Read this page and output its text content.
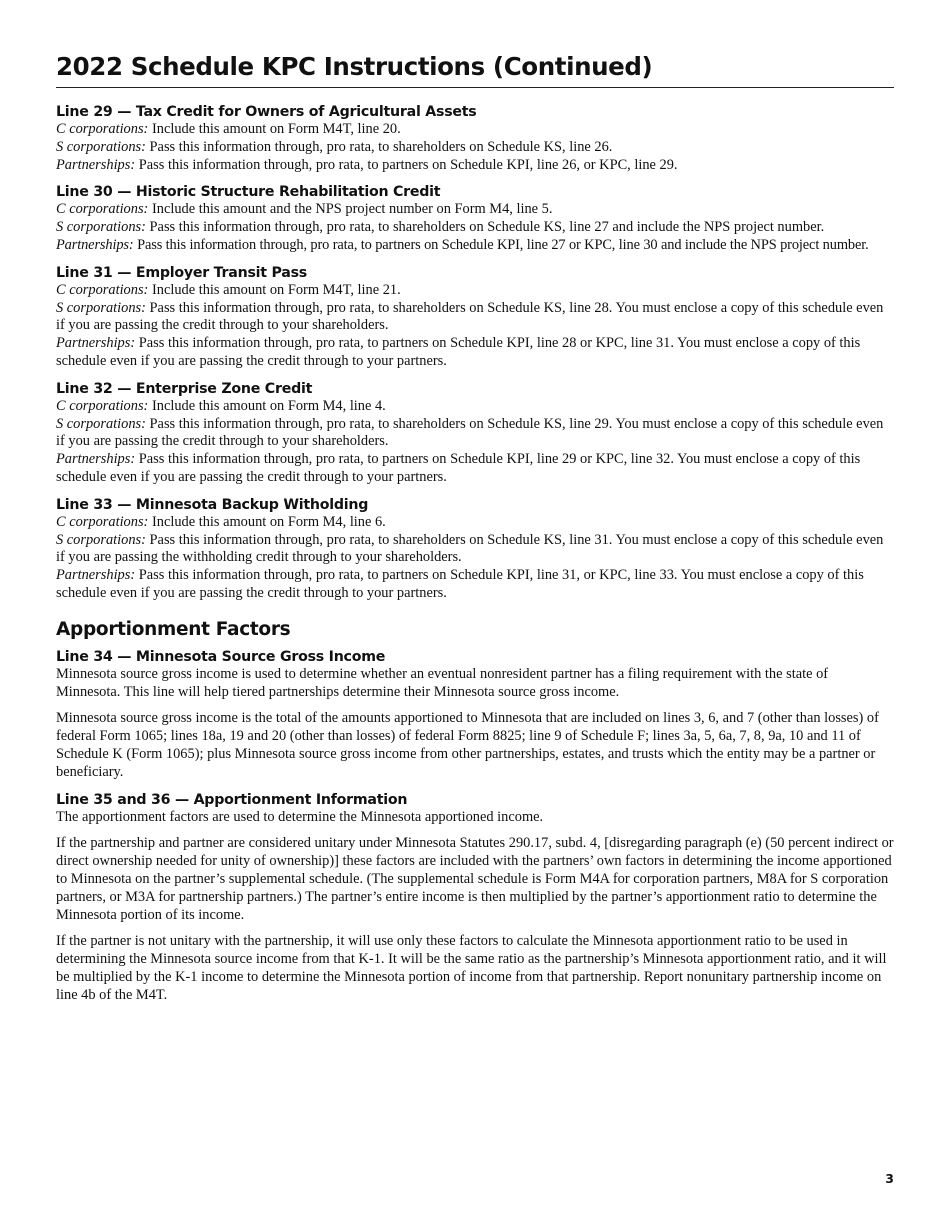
2022 Schedule KPC Instructions (Continued)
Line 29 — Tax Credit for Owners of Agricultural Assets

C corporations: Include this amount on Form M4T, line 20.

S corporations: Pass this information through, pro rata, to shareholders on Schedule KS, line 26.

Partnerships: Pass this information through, pro rata, to partners on Schedule KPI, line 26, or KPC, line 29.

Line 30 — Historic Structure Rehabilitation Credit

C corporations: Include this amount and the NPS project number on Form M4, line 5.

S corporations: Pass this information through, pro rata, to shareholders on Schedule KS, line 27 and include the NPS project number.

Partnerships: Pass this information through, pro rata, to partners on Schedule KPI, line 27 or KPC, line 30 and include the NPS project number.

Line 31 — Employer Transit Pass

C corporations: Include this amount on Form M4T, line 21.

S corporations: Pass this information through, pro rata, to shareholders on Schedule KS, line 28. You must enclose a copy of this schedule even if you are passing the credit through to your shareholders.

Partnerships: Pass this information through, pro rata, to partners on Schedule KPI, line 28 or KPC, line 31. You must enclose a copy of this schedule even if you are passing the credit through to your partners.

Line 32 — Enterprise Zone Credit

C corporations: Include this amount on Form M4, line 4.

S corporations: Pass this information through, pro rata, to shareholders on Schedule KS, line 29. You must enclose a copy of this schedule even if you are passing the credit through to your shareholders.

Partnerships: Pass this information through, pro rata, to partners on Schedule KPI, line 29 or KPC, line 32. You must enclose a copy of this schedule even if you are passing the credit through to your partners.

Line 33 — Minnesota Backup Witholding

C corporations: Include this amount on Form M4, line 6.

S corporations: Pass this information through, pro rata, to shareholders on Schedule KS, line 31. You must enclose a copy of this schedule even if you are passing the withholding credit through to your shareholders.

Partnerships: Pass this information through, pro rata, to partners on Schedule KPI, line 31, or KPC, line 33. You must enclose a copy of this schedule even if you are passing the credit through to your partners.

Apportionment Factors
Line 34 — Minnesota Source Gross Income

Minnesota source gross income is used to determine whether an eventual nonresident partner has a filing requirement with the state of Minnesota. This line will help tiered partnerships determine their Minnesota source gross income.

Minnesota source gross income is the total of the amounts apportioned to Minnesota that are included on lines 3, 6, and 7 (other than losses) of federal Form 1065; lines 18a, 19 and 20 (other than losses) of federal Form 8825; line 9 of Schedule F; lines 3a, 5, 6a, 7, 8, 9a, 10 and 11 of Schedule K (Form 1065); plus Minnesota source gross income from other partnerships, estates, and trusts which the entity may be a partner or beneficiary.

Line 35 and 36 — Apportionment Information

The apportionment factors are used to determine the Minnesota apportioned income.

If the partnership and partner are considered unitary under Minnesota Statutes 290.17, subd. 4, [disregarding paragraph (e) (50 percent indirect or direct ownership needed for unity of ownership)] these factors are included with the partners’ own factors in determining the income apportioned to Minnesota on the partner’s supplemental schedule. (The supplemental schedule is Form M4A for corporation partners, M8A for S corporation partners, or M3A for partnership partners.) The partner’s entire income is then multiplied by the partner’s apportionment ratio to determine the Minnesota portion of its income.

If the partner is not unitary with the partnership, it will use only these factors to calculate the Minnesota apportionment ratio to be used in determining the Minnesota source income from that K-1. It will be the same ratio as the partnership’s Minnesota apportionment ratio, and it will be multiplied by the K-1 income to determine the Minnesota portion of income from that partnership. Report nonunitary partnership income on line 4b of the M4T.

3
